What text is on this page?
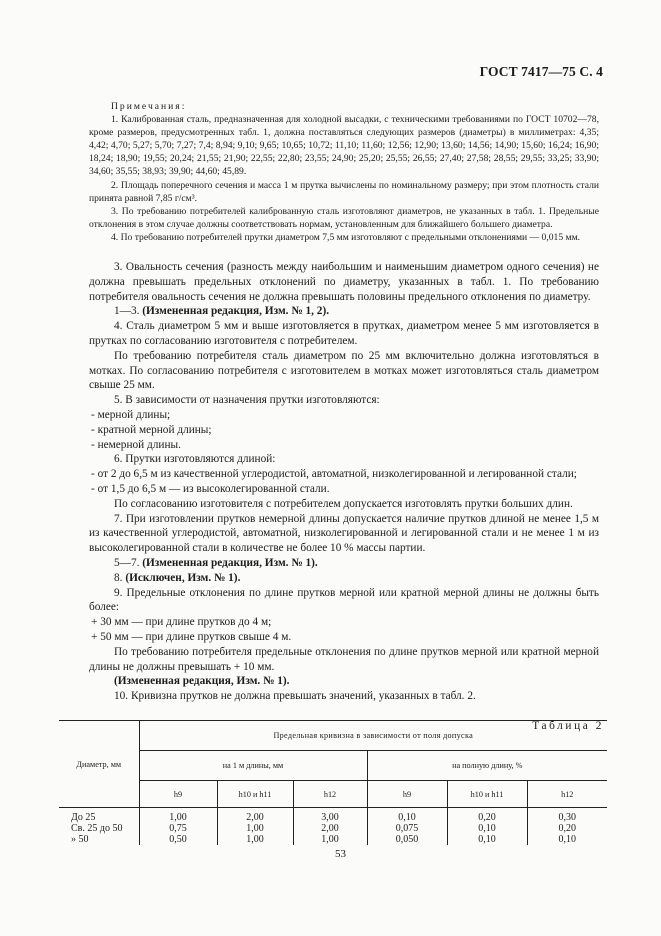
ГОСТ 7417—75 С. 4

Примечания:

1. Калиброванная сталь, предназначенная для холодной высадки, с техническими требованиями по ГОСТ 10702—78, кроме размеров, предусмотренных табл. 1, должна поставляться следующих размеров (диаметры) в миллиметрах: 4,35; 4,42; 4,70; 5,27; 5,70; 7,27; 7,4; 8,94; 9,10; 9,65; 10,65; 10,72; 11,10; 11,60; 12,56; 12,90; 13,60; 14,56; 14,90; 15,60; 16,24; 16,90; 18,24; 18,90; 19,55; 20,24; 21,55; 21,90; 22,55; 22,80; 23,55; 24,90; 25,20; 25,55; 26,55; 27,40; 27,58; 28,55; 29,55; 33,25; 33,90; 34,60; 35,55; 38,93; 39,90; 44,60; 45,89.

2. Площадь поперечного сечения и масса 1 м прутка вычислены по номинальному размеру; при этом плотность стали принята равной 7,85 г/см³.

3. По требованию потребителей калиброванную сталь изготовляют диаметров, не указанных в табл. 1. Предельные отклонения в этом случае должны соответствовать нормам, установленным для ближайшего большего диаметра.

4. По требованию потребителей прутки диаметром 7,5 мм изготовляют с предельными отклонениями — 0,015 мм.

3. Овальность сечения (разность между наибольшим и наименьшим диаметром одного сечения) не должна превышать предельных отклонений по диаметру, указанных в табл. 1. По требованию потребителя овальность сечения не должна превышать половины предельного отклонения по диаметру.

1—3. (Измененная редакция, Изм. № 1, 2).

4. Сталь диаметром 5 мм и выше изготовляется в прутках, диаметром менее 5 мм изготовляется в прутках по согласованию изготовителя с потребителем.

По требованию потребителя сталь диаметром по 25 мм включительно должна изготовляться в мотках. По согласованию потребителя с изготовителем в мотках может изготовляться сталь диаметром свыше 25 мм.

5. В зависимости от назначения прутки изготовляются:

- мерной длины;

- кратной мерной длины;

- немерной длины.

6. Прутки изготовляются длиной:

- от 2 до 6,5 м из качественной углеродистой, автоматной, низколегированной и легированной стали;

- от 1,5 до 6,5 м — из высоколегированной стали.

По согласованию изготовителя с потребителем допускается изготовлять прутки больших длин.

7. При изготовлении прутков немерной длины допускается наличие прутков длиной не менее 1,5 м из качественной углеродистой, автоматной, низколегированной и легированной стали и не менее 1 м из высоколегированной стали в количестве не более 10 % массы партии.

5—7. (Измененная редакция, Изм. № 1).

8. (Исключен, Изм. № 1).

9. Предельные отклонения по длине прутков мерной или кратной мерной длины не должны быть более:

+ 30 мм — при длине прутков до 4 м;

+ 50 мм — при длине прутков свыше 4 м.

По требованию потребителя предельные отклонения по длине прутков мерной или кратной мерной длины не должны превышать + 10 мм.

(Измененная редакция, Изм. № 1).

10. Кривизна прутков не должна превышать значений, указанных в табл. 2.

Таблица 2
Диаметр, мм	Предельная кривизна в зависимости от поля допуска					
	на 1 м длины, мм			на полную длину, %		
	h9	h10 и h11	h12	h9	h10 и h11	h12
До 25	1,00	2,00	3,00	0,10	0,20	0,30
Св. 25 до 50	0,75	1,00	2,00	0,075	0,10	0,20
» 50	0,50	1,00	1,00	0,050	0,10	0,10
53
